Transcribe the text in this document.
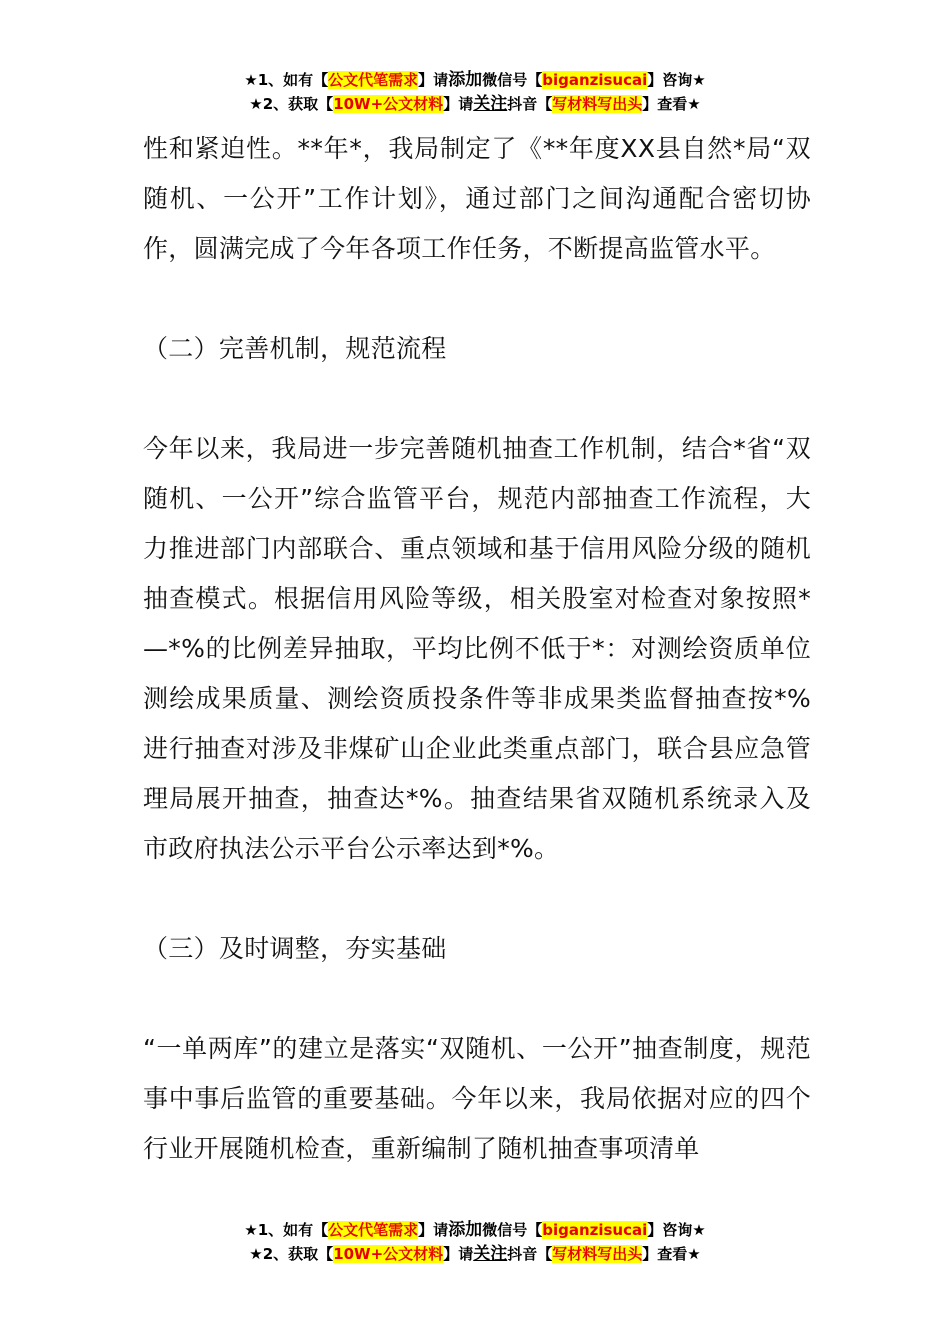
★1、如有【公文代笔需求】请添加微信号【biganzisucai】咨询★
★2、获取【10W+公文材料】请关注抖音【写材料写出头】查看★

性和紧迫性。**年*，我局制定了《**年度XX县自然*局“双随机、一公开”工作计划》，通过部门之间沟通配合密切协作，圆满完成了今年各项工作任务，不断提高监管水平。

（二）完善机制，规范流程

今年以来，我局进一步完善随机抽查工作机制，结合*省“双随机、一公开”综合监管平台，规范内部抽查工作流程，大力推进部门内部联合、重点领域和基于信用风险分级的随机抽查模式。根据信用风险等级，相关股室对检查对象按照*—*%的比例差异抽取，平均比例不低于*：对测绘资质单位测绘成果质量、测绘资质投条件等非成果类监督抽查按*%进行抽查对涉及非煤矿山企业此类重点部门，联合县应急管理局展开抽查，抽查达*%。抽查结果省双随机系统录入及市政府执法公示平台公示率达到*%。

（三）及时调整，夯实基础

“一单两库”的建立是落实“双随机、一公开”抽查制度，规范事中事后监管的重要基础。今年以来，我局依据对应的四个行业开展随机检查，重新编制了随机抽查事项清单

★1、如有【公文代笔需求】请添加微信号【biganzisucai】咨询★
★2、获取【10W+公文材料】请关注抖音【写材料写出头】查看★
